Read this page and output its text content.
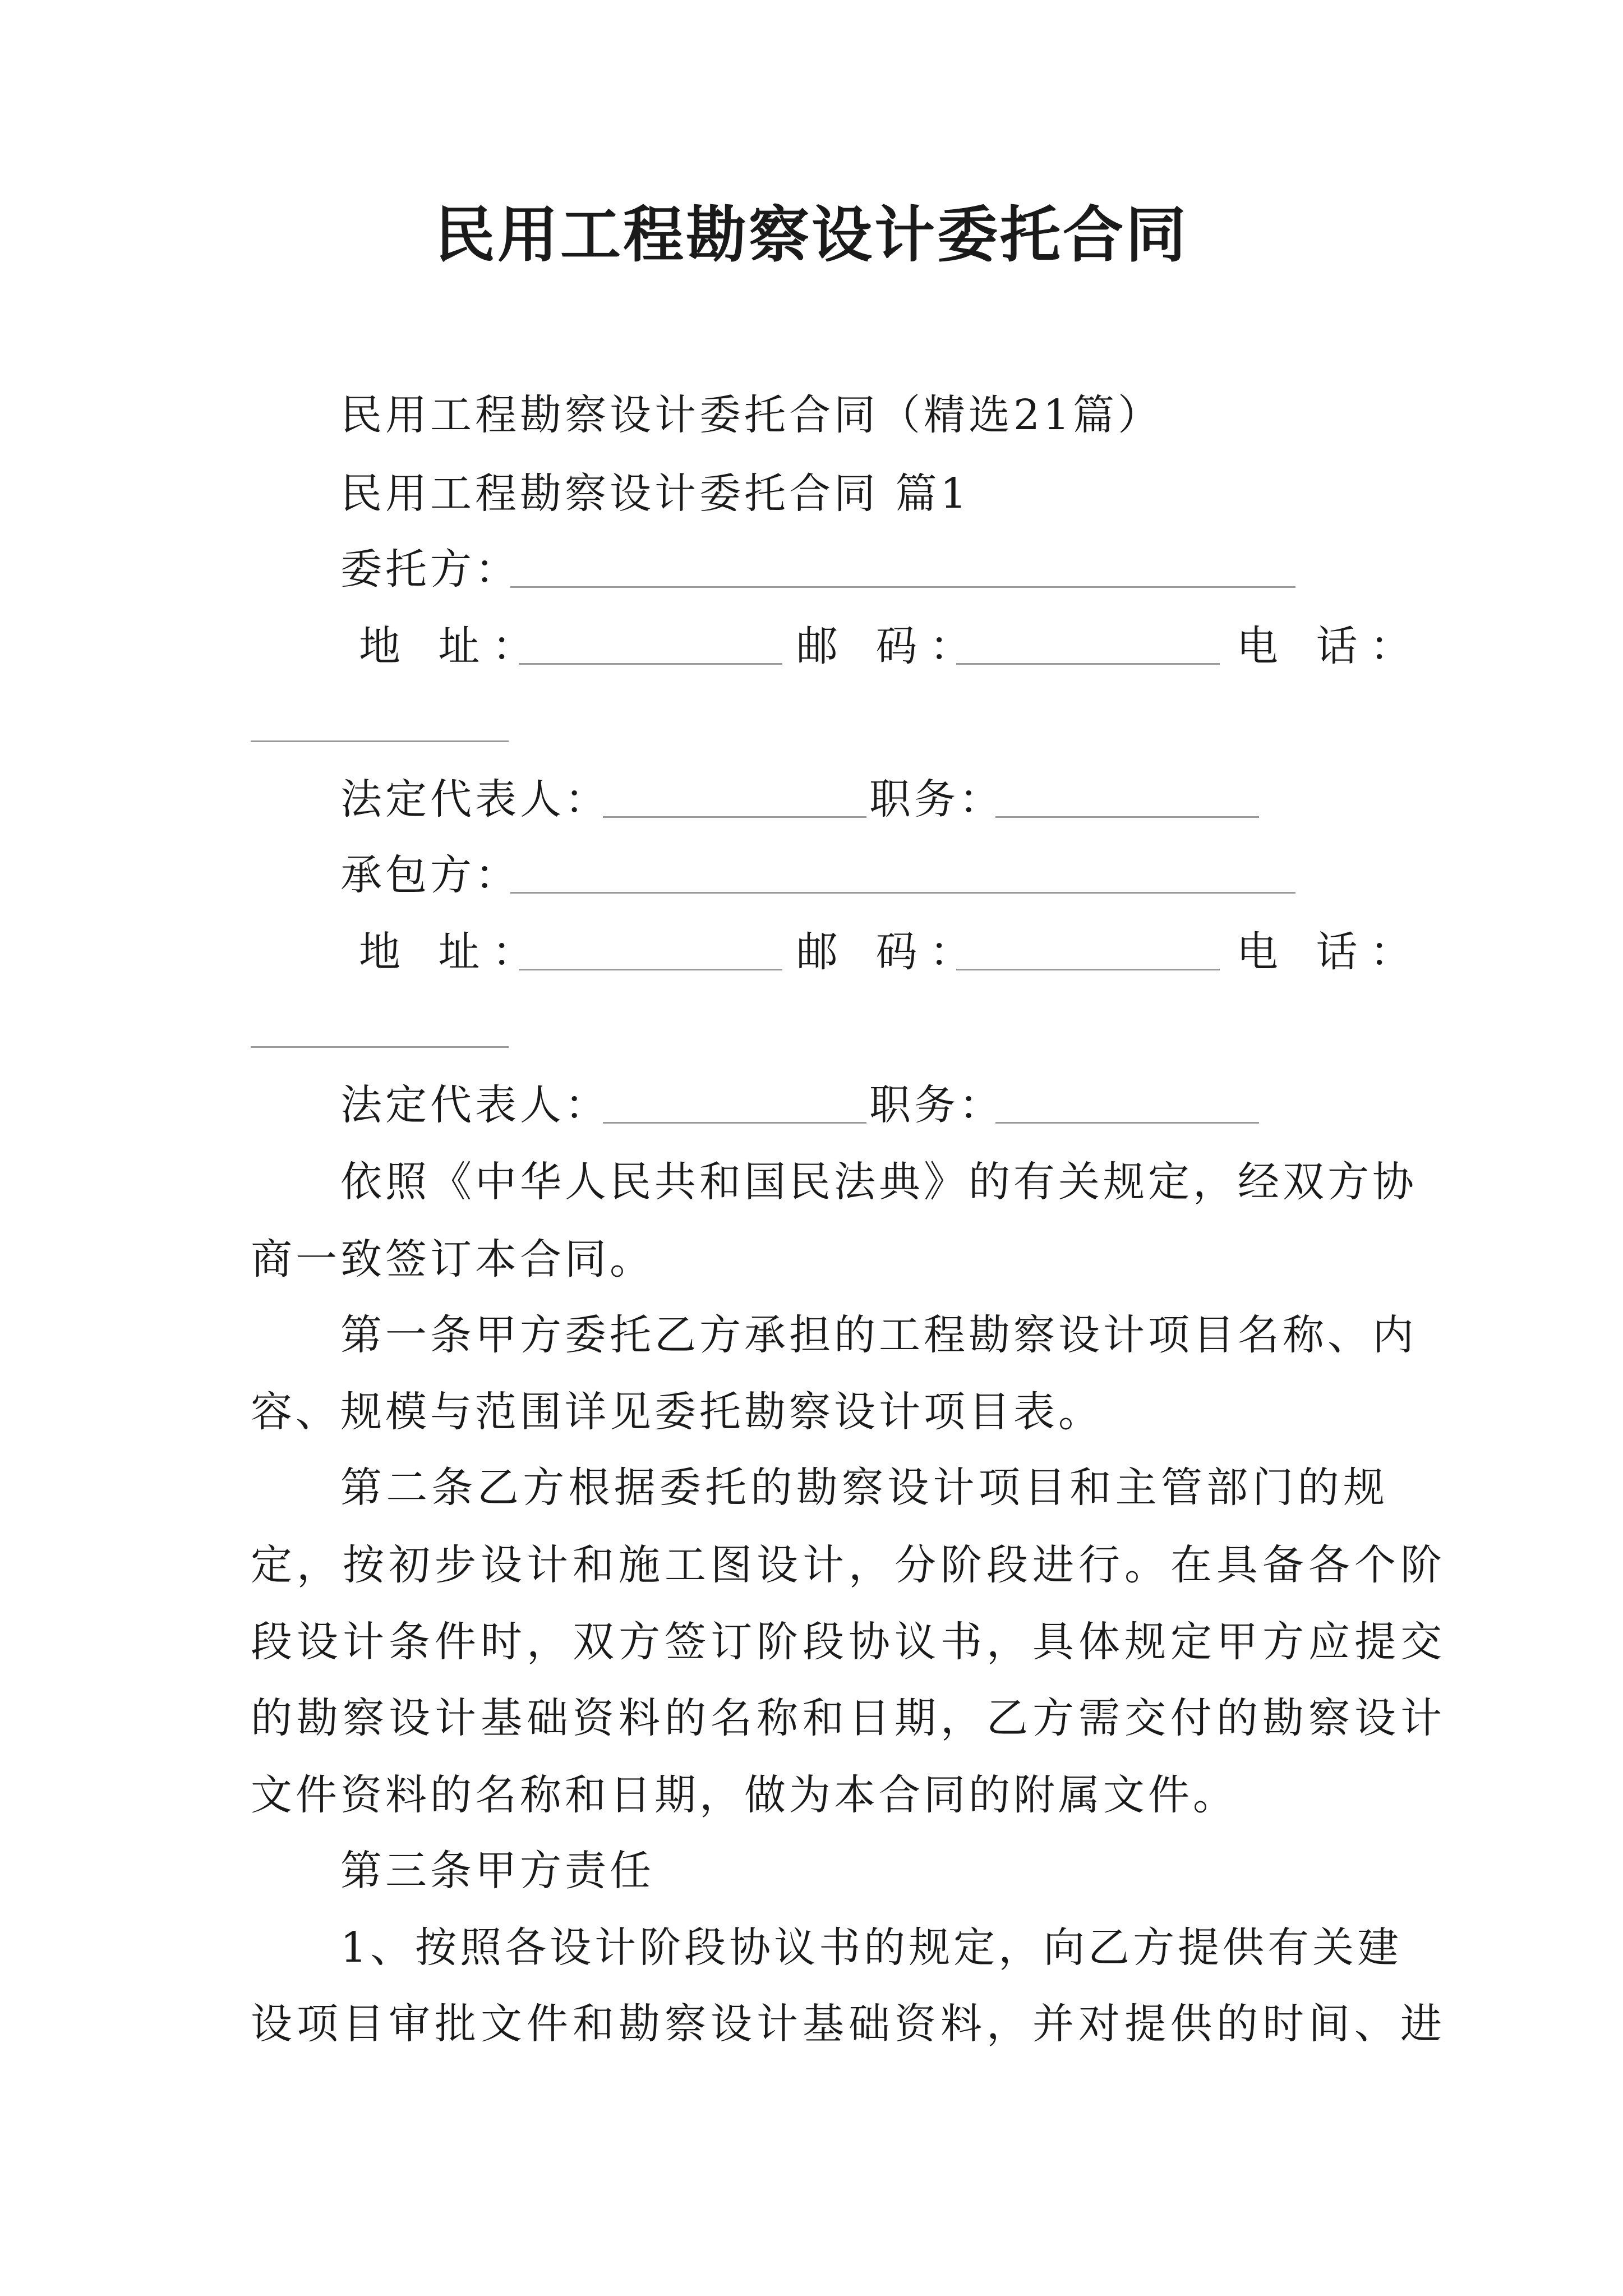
民用工程勘察设计委托合同
民用工程勘察设计委托合同（精选21篇）
民用工程勘察设计委托合同 篇1
委托方：
地 址：	邮 码：	电 话：
法定代表人：	职务：
承包方：
地 址：	邮 码：	电 话：
法定代表人：	职务：
依照《中华人民共和国民法典》的有关规定，经双方协
商一致签订本合同。
第一条甲方委托乙方承担的工程勘察设计项目名称、内
容、规模与范围详见委托勘察设计项目表。
第二条乙方根据委托的勘察设计项目和主管部门的规
定，按初步设计和施工图设计，分阶段进行。在具备各个阶
段设计条件时，双方签订阶段协议书，具体规定甲方应提交
的勘察设计基础资料的名称和日期，乙方需交付的勘察设计
文件资料的名称和日期，做为本合同的附属文件。
第三条甲方责任
1、按照各设计阶段协议书的规定，向乙方提供有关建
设项目审批文件和勘察设计基础资料，并对提供的时间、进
